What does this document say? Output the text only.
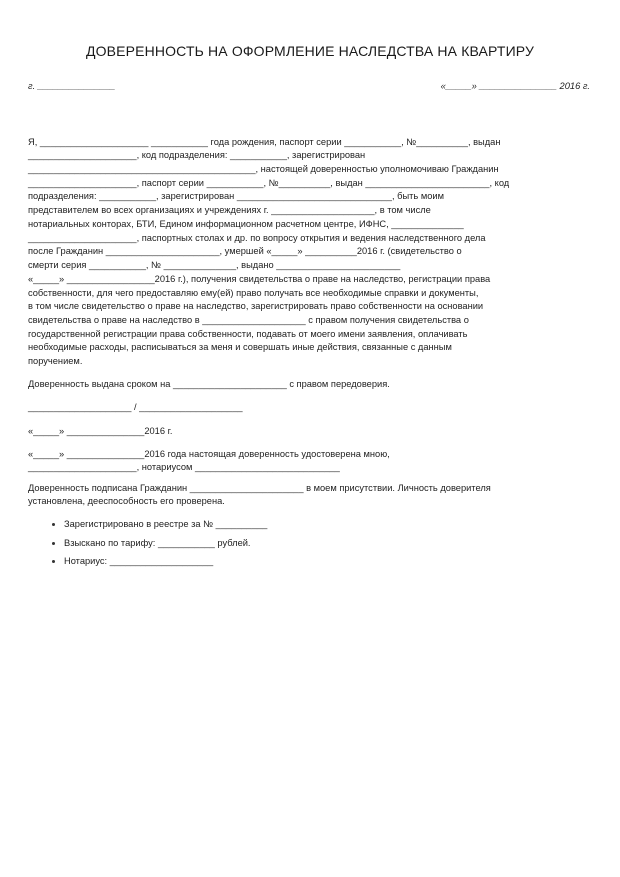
ДОВЕРЕННОСТЬ НА ОФОРМЛЕНИЕ НАСЛЕДСТВА НА КВАРТИРУ
г. _______________	«_____» _______________ 2016 г.
Я, _____________________ ___________ года рождения, паспорт серии ___________, №__________, выдан
_____________________, код подразделения: ___________, зарегистрирован
____________________________________________, настоящей доверенностью уполномочиваю Гражданин
_____________________, паспорт серии ___________, №__________, выдан ________________________, код
подразделения: ___________, зарегистрирован ______________________________, быть моим
представителем во всех организациях и учреждениях г. ____________________, в том числе
нотариальных конторах, БТИ, Едином информационном расчетном центре, ИФНС, ______________
_____________________, паспортных столах и др. по вопросу открытия и ведения наследственного дела
после Гражданин ______________________, умершей «_____» __________2016 г. (свидетельство о
смерти серия ___________, № ______________, выдано ________________________
«_____» _________________2016 г.), получения свидетельства о праве на наследство, регистрации права
собственности, для чего предоставляю ему(ей) право получать все необходимые справки и документы,
в том числе свидетельство о праве на наследство, зарегистрировать право собственности на основании
свидетельства о праве на наследство в ____________________ с правом получения свидетельства о
государственной регистрации права собственности, подавать от моего имени заявления, оплачивать
необходимые расходы, расписываться за меня и совершать иные действия, связанные с данным
поручением.
Доверенность выдана сроком на ______________________ с правом передоверия.
____________________ / ____________________
«_____» _______________2016 г.
«_____» _______________2016 года настоящая доверенность удостоверена мною,
_____________________, нотариусом ____________________________
Доверенность подписана Гражданин ______________________ в моем присутствии. Личность доверителя
установлена, дееспособность его проверена.
Зарегистрировано в реестре за № __________
Взыскано по тарифу: ___________ рублей.
Нотариус: ____________________
